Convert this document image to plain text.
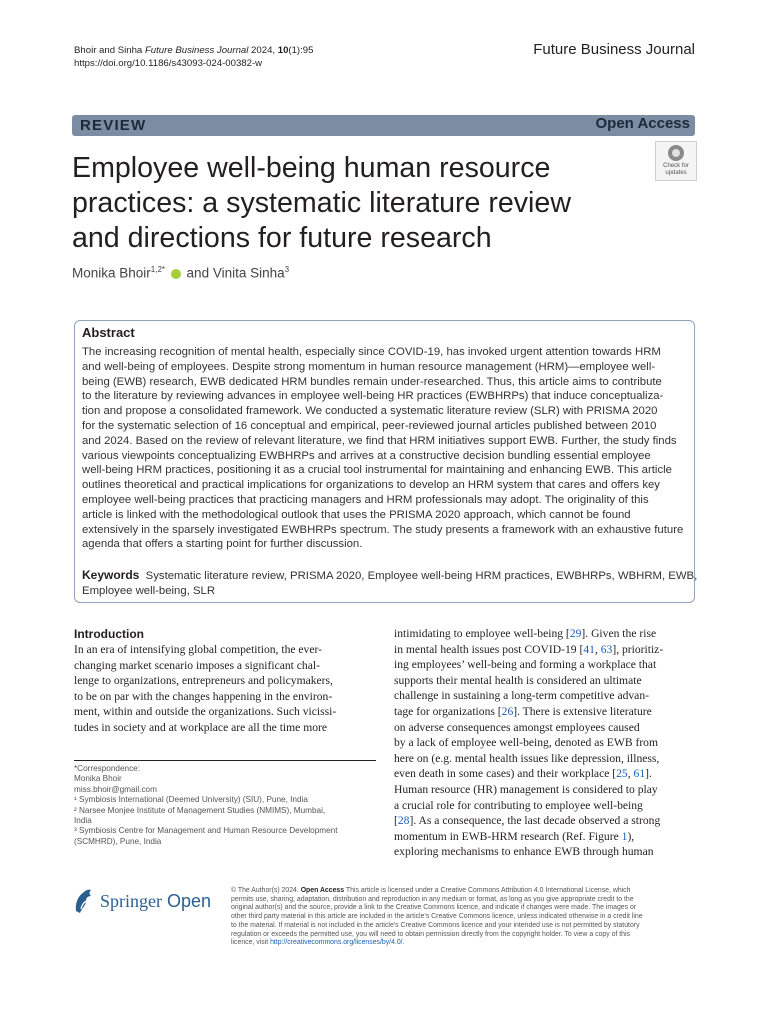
Bhoir and Sinha Future Business Journal 2024, 10(1):95
https://doi.org/10.1186/s43093-024-00382-w
Future Business Journal
REVIEW	Open Access
Employee well-being human resource
practices: a systematic literature review
and directions for future research
Check for
updates
Monika Bhoir$^{1,2*}$  and Vinita Sinha$^3$
Abstract
The increasing recognition of mental health, especially since COVID-19, has invoked urgent attention towards HRM
and well-being of employees. Despite strong momentum in human resource management (HRM)—employee well-
being (EWB) research, EWB dedicated HRM bundles remain under-researched. Thus, this article aims to contribute
to the literature by reviewing advances in employee well-being HR practices (EWBHRPs) that induce conceptualiza-
tion and propose a consolidated framework. We conducted a systematic literature review (SLR) with PRISMA 2020
for the systematic selection of 16 conceptual and empirical, peer-reviewed journal articles published between 2010
and 2024. Based on the review of relevant literature, we find that HRM initiatives support EWB. Further, the study finds
various viewpoints conceptualizing EWBHRPs and arrives at a constructive decision bundling essential employee
well-being HRM practices, positioning it as a crucial tool instrumental for maintaining and enhancing EWB. This article
outlines theoretical and practical implications for organizations to develop an HRM system that cares and offers key
employee well-being practices that practicing managers and HRM professionals may adopt. The originality of this
article is linked with the methodological outlook that uses the PRISMA 2020 approach, which cannot be found
extensively in the sparsely investigated EWBHRPs spectrum. The study presents a framework with an exhaustive future
agenda that offers a starting point for further discussion.
Keywords Systematic literature review, PRISMA 2020, Employee well-being HRM practices, EWBHRPs, WBHRM, EWB,
Employee well-being, SLR
Introduction
In an era of intensifying global competition, the ever-
changing market scenario imposes a significant chal-
lenge to organizations, entrepreneurs and policymakers,
to be on par with the changes happening in the environ-
ment, within and outside the organizations. Such vicissi-
tudes in society and at workplace are all the time more
*Correspondence:
Monika Bhoir
miss.bhoir@gmail.com
¹ Symbiosis International (Deemed University) (SIU), Pune, India
² Narsee Monjee Institute of Management Studies (NMIMS), Mumbai,
India
³ Symbiosis Centre for Management and Human Resource Development
(SCMHRD), Pune, India
intimidating to employee well-being [29]. Given the rise
in mental health issues post COVID-19 [41, 63], prioritiz-
ing employees’ well-being and forming a workplace that
supports their mental health is considered an ultimate
challenge in sustaining a long-term competitive advan-
tage for organizations [26]. There is extensive literature
on adverse consequences amongst employees caused
by a lack of employee well-being, denoted as EWB from
here on (e.g. mental health issues like depression, illness,
even death in some cases) and their workplace [25, 61].
Human resource (HR) management is considered to play
a crucial role for contributing to employee well-being
[28]. As a consequence, the last decade observed a strong
momentum in EWB-HRM research (Ref. Figure 1),
exploring mechanisms to enhance EWB through human
Springer Open
© The Author(s) 2024. Open Access This article is licensed under a Creative Commons Attribution 4.0 International License, which
permits use, sharing, adaptation, distribution and reproduction in any medium or format, as long as you give appropriate credit to the
original author(s) and the source, provide a link to the Creative Commons licence, and indicate if changes were made. The images or
other third party material in this article are included in the article’s Creative Commons licence, unless indicated otherwise in a credit line
to the material. If material is not included in the article’s Creative Commons licence and your intended use is not permitted by statutory
regulation or exceeds the permitted use, you will need to obtain permission directly from the copyright holder. To view a copy of this
licence, visit http://creativecommons.org/licenses/by/4.0/.
